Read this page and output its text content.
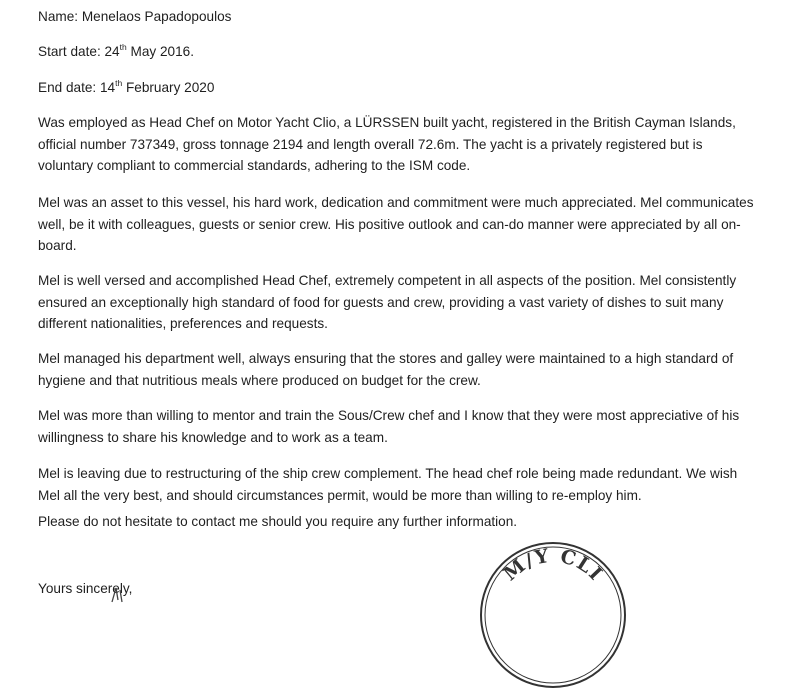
Name: Menelaos Papadopoulos
Start date: 24th May 2016.
End date: 14th February 2020
Was employed as Head Chef on Motor Yacht Clio, a LÜRSSEN built yacht, registered in the British Cayman Islands, official number 737349, gross tonnage 2194 and length overall 72.6m. The yacht is a privately registered but is voluntary compliant to commercial standards, adhering to the ISM code.
Mel was an asset to this vessel, his hard work, dedication and commitment were much appreciated. Mel communicates well, be it with colleagues, guests or senior crew. His positive outlook and can-do manner were appreciated by all on-board.
Mel is well versed and accomplished Head Chef, extremely competent in all aspects of the position. Mel consistently ensured an exceptionally high standard of food for guests and crew, providing a vast variety of dishes to suit many different nationalities, preferences and requests.
Mel managed his department well, always ensuring that the stores and galley were maintained to a high standard of hygiene and that nutritious meals where produced on budget for the crew.
Mel was more than willing to mentor and train the Sous/Crew chef and I know that they were most appreciative of his willingness to share his knowledge and to work as a team.
Mel is leaving due to restructuring of the ship crew complement. The head chef role being made redundant. We wish Mel all the very best, and should circumstances permit, would be more than willing to re-employ him.
Please do not hesitate to contact me should you require any further information.
Yours sincerely,
M/Y CLI
